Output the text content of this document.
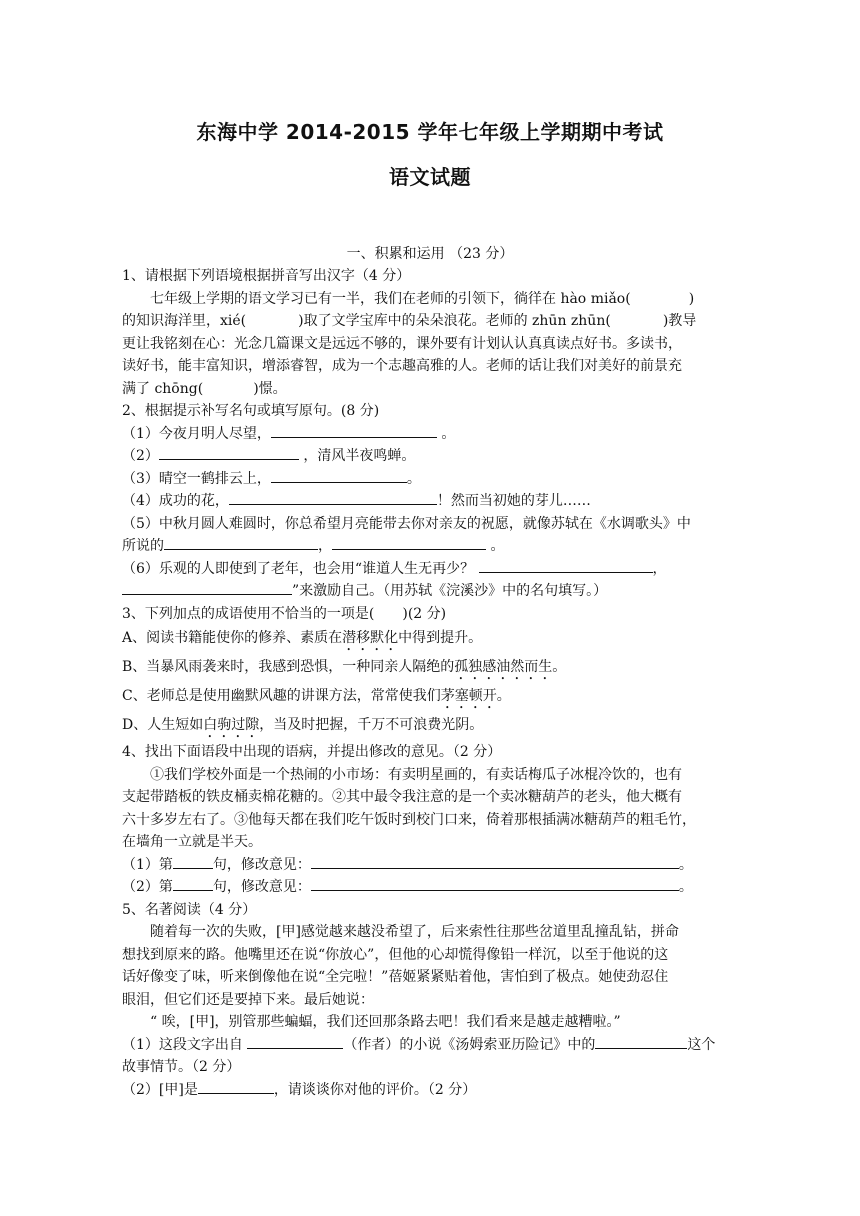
东海中学 2014-2015 学年七年级上学期期中考试
语文试题
一、积累和运用 （23 分）

1、请根据下列语境根据拼音写出汉字（4 分）

七年级上学期的语文学习已有一半，我们在老师的引领下，徜徉在 hào miǎo(	)

的知识海洋里，xié(	)取了文学宝库中的朵朵浪花。老师的 zhūn zhūn(	)教导

更让我铭刻在心：光念几篇课文是远远不够的，课外要有计划认认真真读点好书。多读书，

读好书，能丰富知识，增添睿智，成为一个志趣高雅的人。老师的话让我们对美好的前景充

满了 chōng(	)憬。

2、根据提示补写名句或填写原句。(8 分)

（1）今夜月明人尽望，	。

（2）	，清风半夜鸣蝉。

（3）晴空一鹤排云上，	。

（4）成功的花，	！然而当初她的芽儿……

（5）中秋月圆人难圆时，你总希望月亮能带去你对亲友的祝愿，就像苏轼在《水调歌头》中

所说的	，	。

（6）乐观的人即使到了老年，也会用“谁道人生无再少？	，

”来激励自己。（用苏轼《浣溪沙》中的名句填写。）

3、下列加点的成语使用不恰当的一项是(　　)(2 分)

A、阅读书籍能使你的修养、素质在潜移默化中得到提升。

B、当暴风雨袭来时，我感到恐惧，一种同亲人隔绝的孤独感油然而生。

C、老师总是使用幽默风趣的讲课方法，常常使我们茅塞顿开。

D、人生短如白驹过隙，当及时把握，千万不可浪费光阴。

4、找出下面语段中出现的语病，并提出修改的意见。（2 分）

①我们学校外面是一个热闹的小市场：有卖明星画的，有卖话梅瓜子冰棍冷饮的，也有

支起带踏板的铁皮桶卖棉花糖的。②其中最令我注意的是一个卖冰糖葫芦的老头，他大概有

六十多岁左右了。③他每天都在我们吃午饭时到校门口来，倚着那根插满冰糖葫芦的粗毛竹，

在墙角一立就是半天。

（1）第	句，修改意见：	。

（2）第	句，修改意见：	。

5、名著阅读（4 分）

随着每一次的失败，[甲]感觉越来越没希望了，后来索性往那些岔道里乱撞乱钻，拼命

想找到原来的路。他嘴里还在说“你放心”，但他的心却慌得像铅一样沉，以至于他说的这

话好像变了味，听来倒像他在说“全完啦！”蓓姬紧紧贴着他，害怕到了极点。她使劲忍住

眼泪，但它们还是要掉下来。最后她说：

“ 唉，[甲]，别管那些蝙蝠，我们还回那条路去吧！我们看来是越走越糟啦。”

（1）这段文字出自	（作者）的小说《汤姆索亚历险记》中的	这个

故事情节。（2 分）

（2）[甲]是	，请谈谈你对他的评价。（2 分）
